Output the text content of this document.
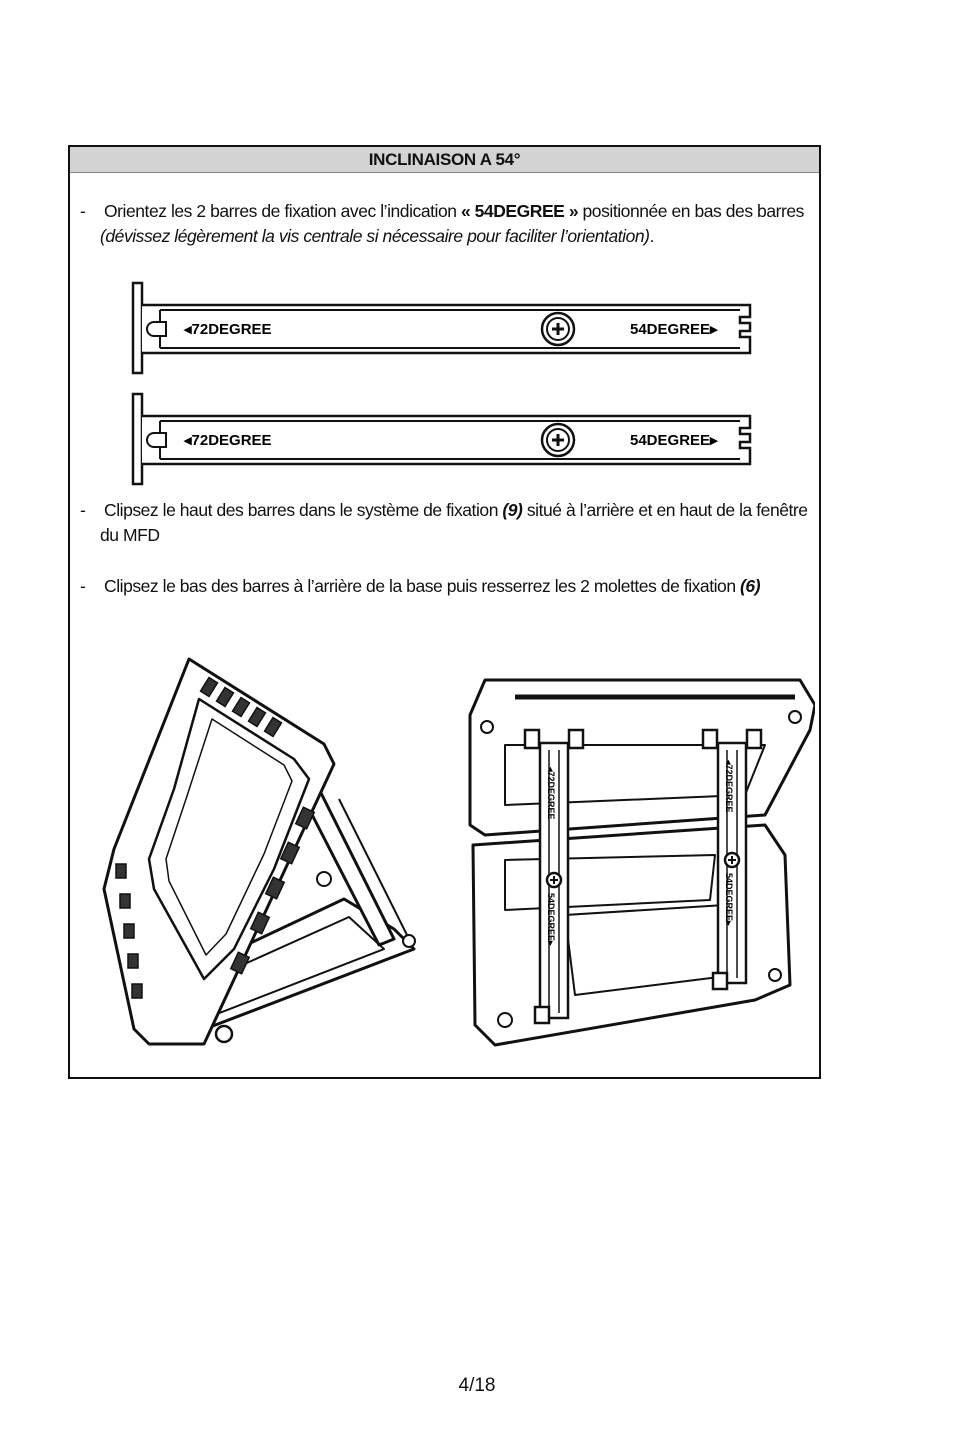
INCLINAISON A 54°
-	Orientez les 2 barres de fixation avec l’indication « 54DEGREE » positionnée en bas des barres (dévissez légèrement la vis centrale si nécessaire pour faciliter l’orientation).
◂72DEGREE	54DEGREE▸
◂72DEGREE	54DEGREE▸
-	Clipsez le haut des barres dans le système de fixation (9) situé à l’arrière et en haut de la fenêtre du MFD
-	Clipsez le bas des barres à l’arrière de la base puis resserrez les 2 molettes de fixation (6)
◂72DEGREE
54DEGREE▸
◂72DEGREE
54DEGREE▸
4/18
